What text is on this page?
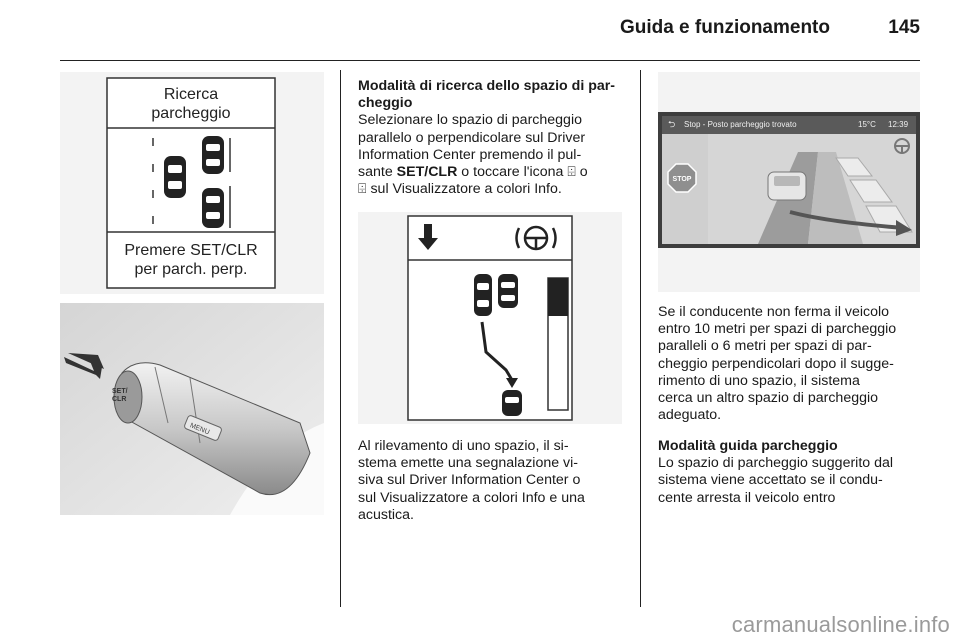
Guida e funzionamento	145
Ricerca
parcheggio
Premere SET/CLR
per parch. perp.
MENU
SET/
CLR
Modalità di ricerca dello spazio di par-
cheggio
Selezionare lo spazio di parcheggio
parallelo o perpendicolare sul Driver
Information Center premendo il pul-
sante SET/CLR o toccare l'icona ⌹ o
⌹ sul Visualizzatore a colori Info.
Al rilevamento di uno spazio, il si-
stema emette una segnalazione vi-
siva sul Driver Information Center o
sul Visualizzatore a colori Info e una
acustica.
⮌ Stop - Posto parcheggio trovato	15°C 12:39
STOP
Se il conducente non ferma il veicolo
entro 10 metri per spazi di parcheggio
paralleli o 6 metri per spazi di par-
cheggio perpendicolari dopo il sugge-
rimento di uno spazio, il sistema
cerca un altro spazio di parcheggio
adeguato.
Modalità guida parcheggio
Lo spazio di parcheggio suggerito dal
sistema viene accettato se il condu-
cente arresta il veicolo entro
carmanualsonline.info
